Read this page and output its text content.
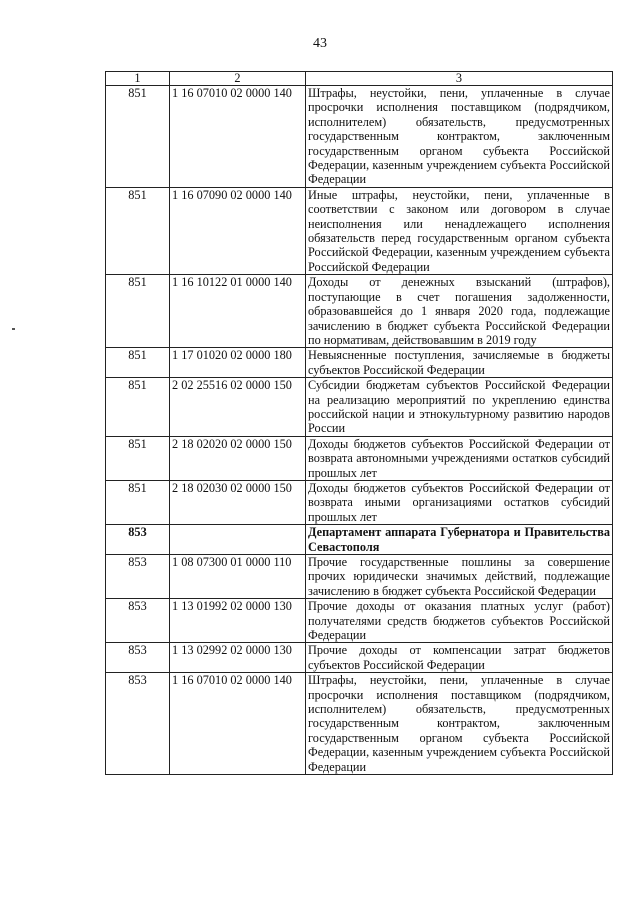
43
1	2	3
851	1 16 07010 02 0000 140	Штрафы, неустойки, пени, уплаченные в случае просрочки исполнения поставщиком (подрядчиком, исполнителем) обязательств, предусмотренных государственным контрактом, заключенным государственным органом субъекта Российской Федерации, казенным учреждением субъекта Российской Федерации
851	1 16 07090 02 0000 140	Иные штрафы, неустойки, пени, уплаченные в соответствии с законом или договором в случае неисполнения или ненадлежащего исполнения обязательств перед государственным органом субъекта Российской Федерации, казенным учреждением субъекта Российской Федерации
851	1 16 10122 01 0000 140	Доходы от денежных взысканий (штрафов), поступающие в счет погашения задолженности, образовавшейся до 1 января 2020 года, подлежащие зачислению в бюджет субъекта Российской Федерации по нормативам, действовавшим в 2019 году
851	1 17 01020 02 0000 180	Невыясненные поступления, зачисляемые в бюджеты субъектов Российской Федерации
851	2 02 25516 02 0000 150	Субсидии бюджетам субъектов Российской Федерации на реализацию мероприятий по укреплению единства российской нации и этнокультурному развитию народов России
851	2 18 02020 02 0000 150	Доходы бюджетов субъектов Российской Федерации от возврата автономными учреждениями остатков субсидий прошлых лет
851	2 18 02030 02 0000 150	Доходы бюджетов субъектов Российской Федерации от возврата иными организациями остатков субсидий прошлых лет
853		Департамент аппарата Губернатора и Правительства Севастополя
853	1 08 07300 01 0000 110	Прочие государственные пошлины за совершение прочих юридически значимых действий, подлежащие зачислению в бюджет субъекта Российской Федерации
853	1 13 01992 02 0000 130	Прочие доходы от оказания платных услуг (работ) получателями средств бюджетов субъектов Российской Федерации
853	1 13 02992 02 0000 130	Прочие доходы от компенсации затрат бюджетов субъектов Российской Федерации
853	1 16 07010 02 0000 140	Штрафы, неустойки, пени, уплаченные в случае просрочки исполнения поставщиком (подрядчиком, исполнителем) обязательств, предусмотренных государственным контрактом, заключенным государственным органом субъекта Российской Федерации, казенным учреждением субъекта Российской Федерации
